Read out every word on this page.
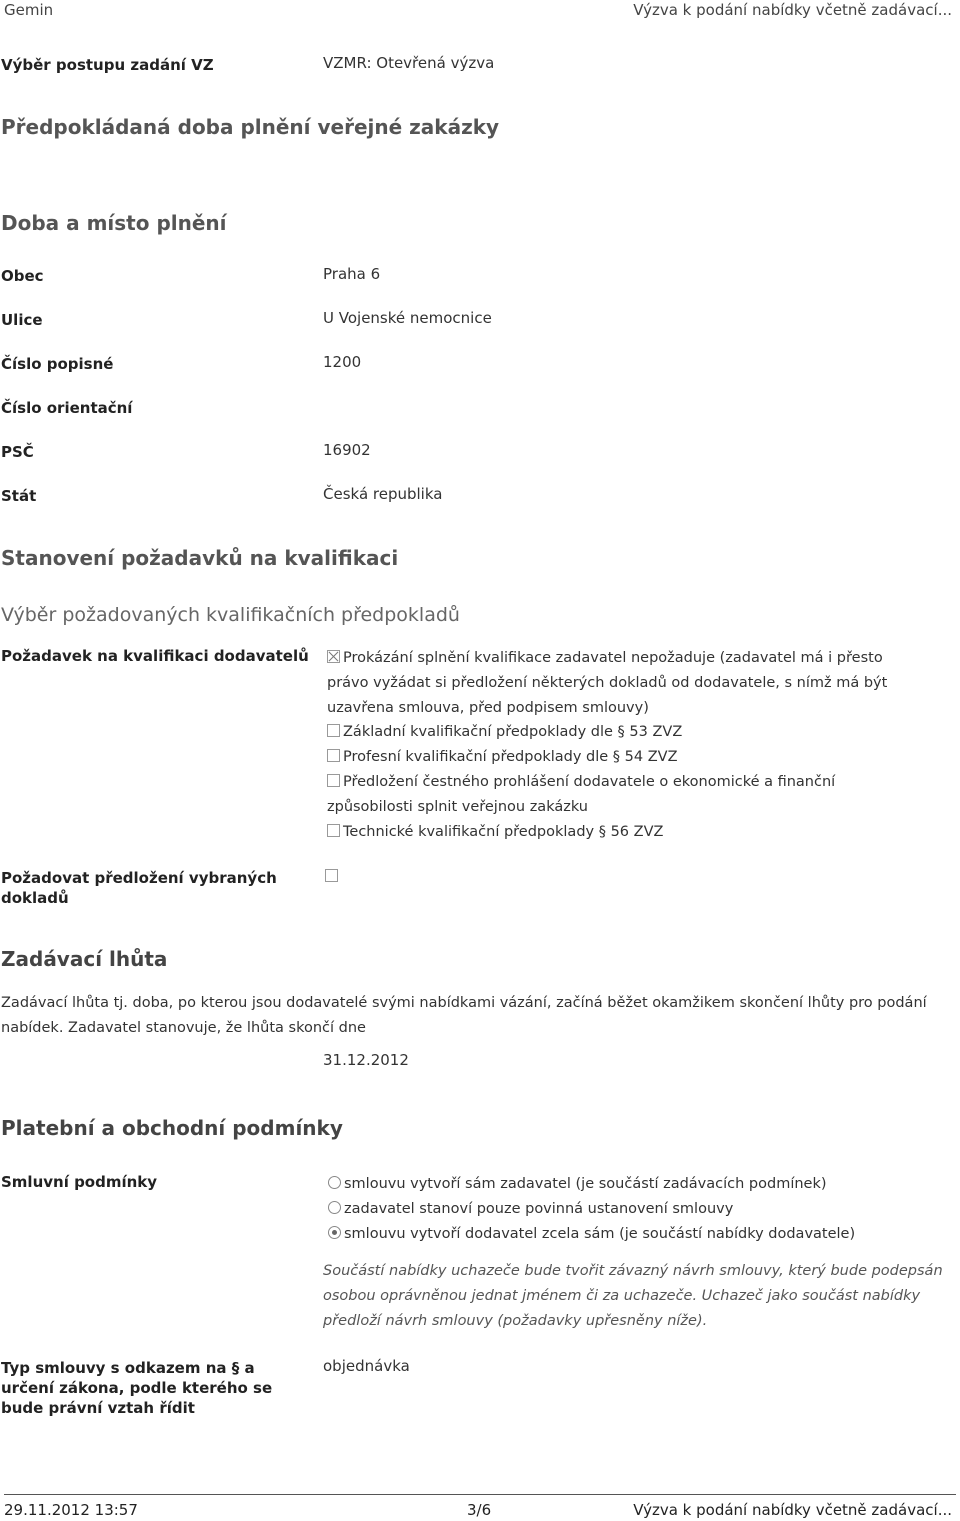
Gemin	Výzva k podání nabídky včetně zadávací...
Výběr postupu zadání VZ	VZMR: Otevřená výzva
Předpokládaná doba plnění veřejné zakázky
Doba a místo plnění
Obec	Praha 6
Ulice	U Vojenské nemocnice
Číslo popisné	1200
Číslo orientační
PSČ	16902
Stát	Česká republika
Stanovení požadavků na kvalifikaci
Výběr požadovaných kvalifikačních předpokladů
Požadavek na kvalifikaci dodavatelů	Prokázání splnění kvalifikace zadavatel nepožaduje (zadavatel má i přesto právo vyžádat si předložení některých dokladů od dodavatele, s nímž má být uzavřena smlouva, před podpisem smlouvy)
Základní kvalifikační předpoklady dle § 53 ZVZ
Profesní kvalifikační předpoklady dle § 54 ZVZ
Předložení čestného prohlášení dodavatele o ekonomické a finanční způsobilosti splnit veřejnou zakázku
Technické kvalifikační předpoklady § 56 ZVZ
Požadovat předložení vybraných dokladů
Zadávací lhůta
Zadávací lhůta tj. doba, po kterou jsou dodavatelé svými nabídkami vázání, začíná běžet okamžikem skončení lhůty pro podání nabídek. Zadavatel stanovuje, že lhůta skončí dne
31.12.2012
Platební a obchodní podmínky
Smluvní podmínky	smlouvu vytvoří sám zadavatel (je součástí zadávacích podmínek)
zadavatel stanoví pouze povinná ustanovení smlouvy
smlouvu vytvoří dodavatel zcela sám (je součástí nabídky dodavatele)
Součástí nabídky uchazeče bude tvořit závazný návrh smlouvy, který bude podepsán osobou oprávněnou jednat jménem či za uchazeče. Uchazeč jako součást nabídky předloží návrh smlouvy (požadavky upřesněny níže).
Typ smlouvy s odkazem na § a určení zákona, podle kterého se bude právní vztah řídit
objednávka
29.11.2012 13:57	3/6	Výzva k podání nabídky včetně zadávací...
